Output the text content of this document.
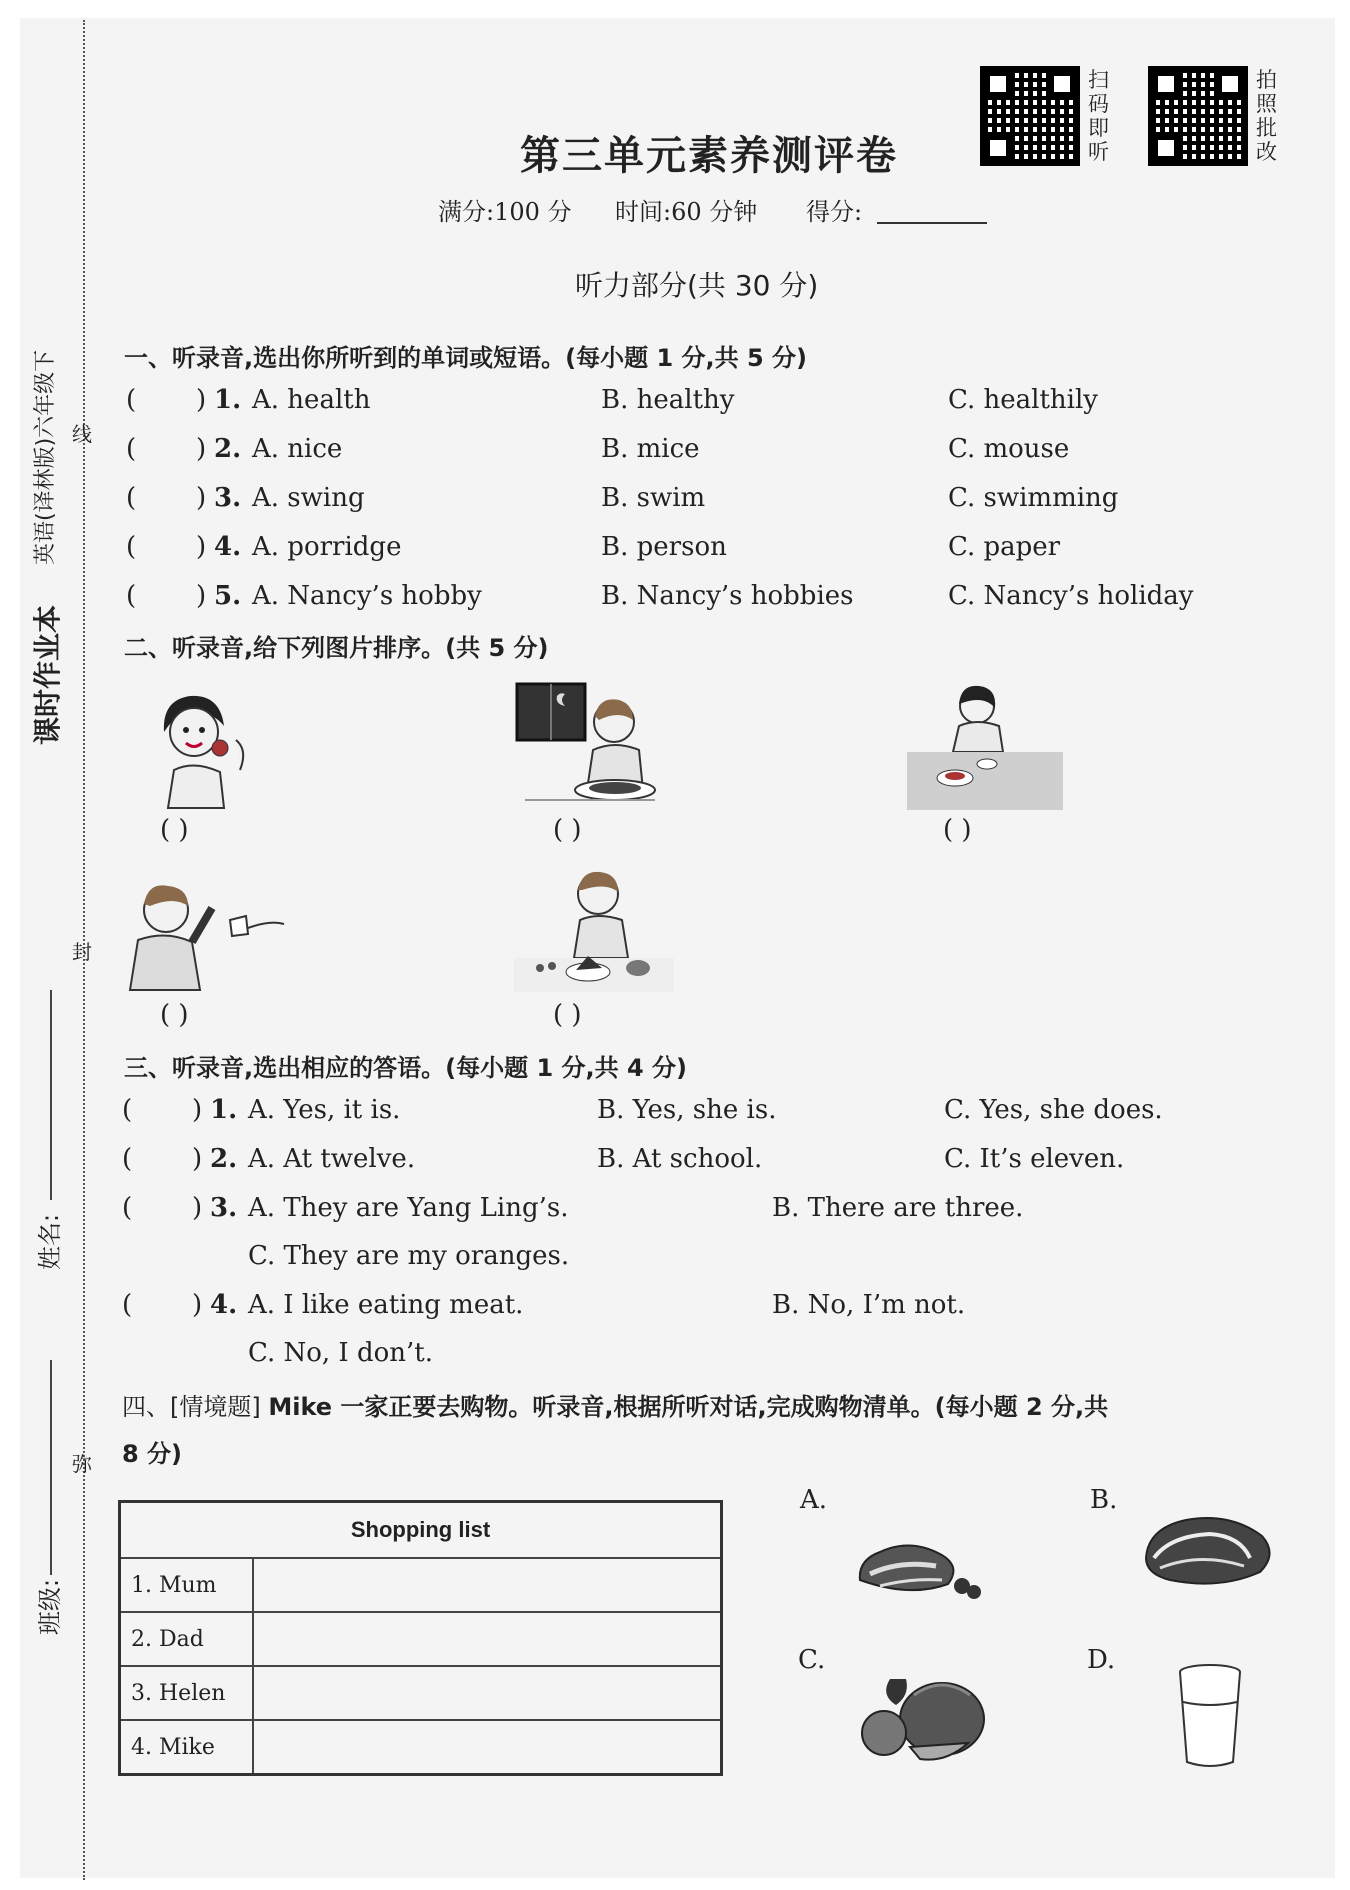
课时作业本
英语(译林版)六年级下 线
封
弥
姓名:
班级:
扫码即听
拍照批改
第三单元素养测评卷
满分:100 分 时间:60 分钟 得分:
听力部分(共 30 分)
一、听录音,选出你所听到的单词或短语。(每小题 1 分,共 5 分)
( ) 1. A. health	B. healthy	C. healthily
( ) 2. A. nice	B. mice	C. mouse
( ) 3. A. swing	B. swim	C. swimming
( ) 4. A. porridge	B. person	C. paper
( ) 5. A. Nancy’s hobby	B. Nancy’s hobbies	C. Nancy’s holiday
二、听录音,给下列图片排序。(共 5 分)
( )	( )	( )
( )	( )
三、听录音,选出相应的答语。(每小题 1 分,共 4 分)
( ) 1. A. Yes, it is.	B. Yes, she is.	C. Yes, she does.
( ) 2. A. At twelve.	B. At school.	C. It’s eleven.
( ) 3. A. They are Yang Ling’s.	B. There are three.
C. They are my oranges.
( ) 4. A. I like eating meat.	B. No, I’m not.
C. No, I don’t.
四、[情境题] Mike 一家正要去购物。听录音,根据所听对话,完成购物清单。(每小题 2 分,共
8 分)
Shopping list	
1. Mum	
2. Dad	
3. Helen	
4. Mike	
A.	B.
C.	D.
